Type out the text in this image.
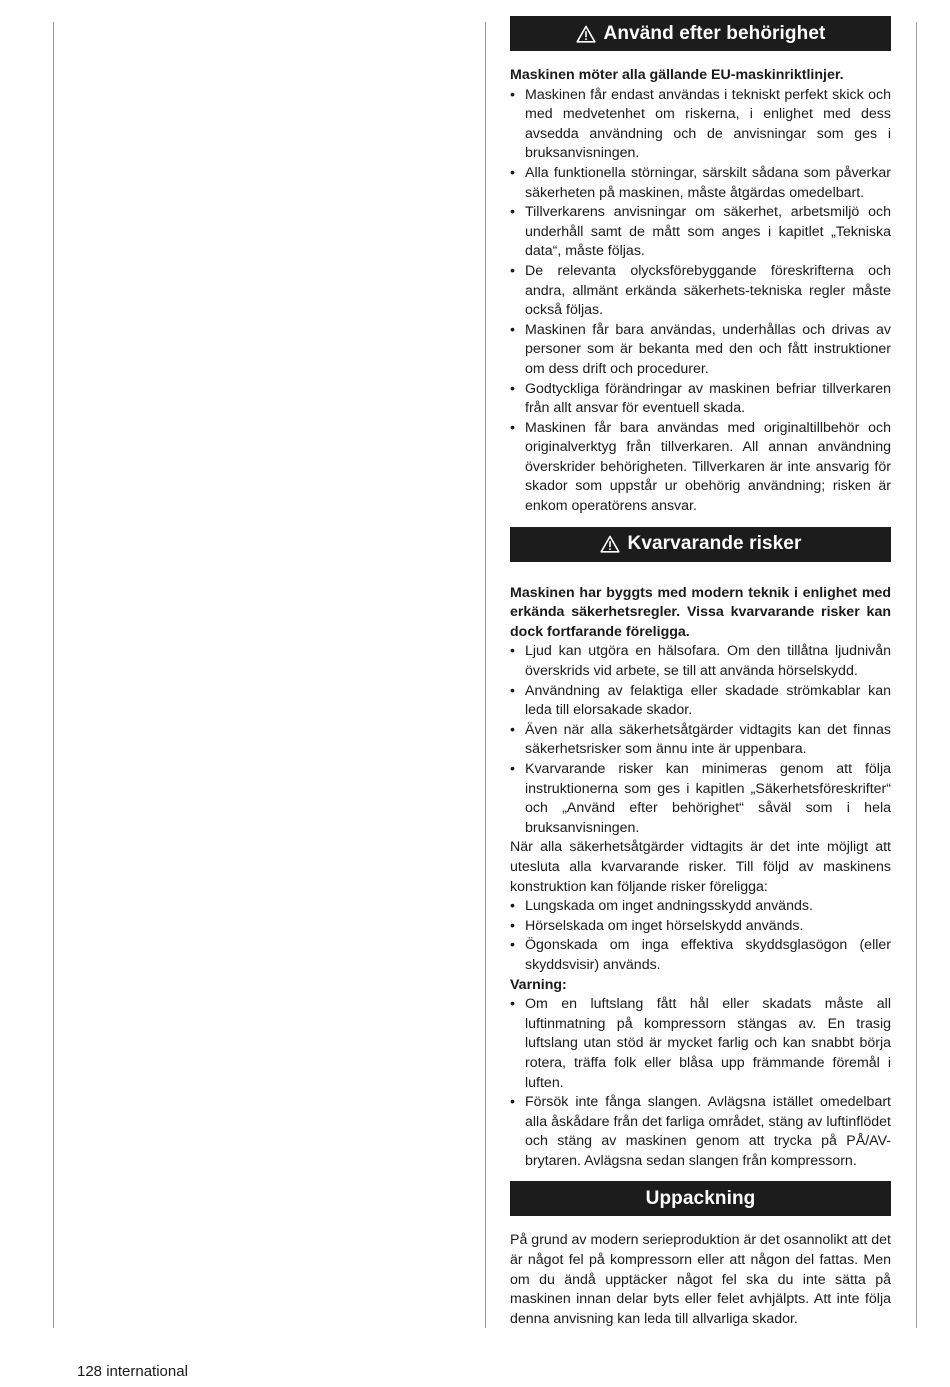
Använd efter behörighet

Maskinen möter alla gällande EU-maskinriktlinjer.

• Maskinen får endast användas i tekniskt perfekt skick och med medvetenhet om riskerna, i enlighet med dess avsedda användning och de anvisningar som ges i bruksanvisningen.
• Alla funktionella störningar, särskilt sådana som påverkar säkerheten på maskinen, måste åtgärdas omedelbart.
• Tillverkarens anvisningar om säkerhet, arbetsmiljö och underhåll samt de mått som anges i kapitlet „Tekniska data“, måste följas.
• De relevanta olycksförebyggande föreskrifterna och andra, allmänt erkända säkerhets-tekniska regler måste också följas.
• Maskinen får bara användas, underhållas och drivas av personer som är bekanta med den och fått instruktioner om dess drift och procedurer.
• Godtyckliga förändringar av maskinen befriar tillverkaren från allt ansvar för eventuell skada.
• Maskinen får bara användas med originaltillbehör och originalverktyg från tillverkaren. All annan användning överskrider behörigheten. Tillverkaren är inte ansvarig för skador som uppstår ur obehörig användning; risken är enkom operatörens ansvar.
Kvarvarande risker

Maskinen har byggts med modern teknik i enlighet med erkända säkerhetsregler. Vissa kvarvarande risker kan dock fortfarande föreligga.

• Ljud kan utgöra en hälsofara. Om den tillåtna ljudnivån överskrids vid arbete, se till att använda hörselskydd.
• Användning av felaktiga eller skadade strömkablar kan leda till elorsakade skador.
• Även när alla säkerhetsåtgärder vidtagits kan det finnas säkerhetsrisker som ännu inte är uppenbara.
• Kvarvarande risker kan minimeras genom att följa instruktionerna som ges i kapitlen „Säkerhetsföreskrifter“ och „Använd efter behörighet“ såväl som i hela bruksanvisningen.

När alla säkerhetsåtgärder vidtagits är det inte möjligt att utesluta alla kvarvarande risker. Till följd av maskinens konstruktion kan följande risker föreligga:

• Lungskada om inget andningsskydd används.
• Hörselskada om inget hörselskydd används.
• Ögonskada om inga effektiva skyddsglasögon (eller skyddsvisir) används.

Varning:

• Om en luftslang fått hål eller skadats måste all luftinmatning på kompressorn stängas av. En trasig luftslang utan stöd är mycket farlig och kan snabbt börja rotera, träffa folk eller blåsa upp främmande föremål i luften.
• Försök inte fånga slangen. Avlägsna istället omedelbart alla åskådare från det farliga området, stäng av luftinflödet och stäng av maskinen genom att trycka på PÅ/AV-brytaren. Avlägsna sedan slangen från kompressorn.
Uppackning

På grund av modern serieproduktion är det osannolikt att det är något fel på kompressorn eller att någon del fattas. Men om du ändå upptäcker något fel ska du inte sätta på maskinen innan delar byts eller felet avhjälpts. Att inte följa denna anvisning kan leda till allvarliga skador.

128 international
